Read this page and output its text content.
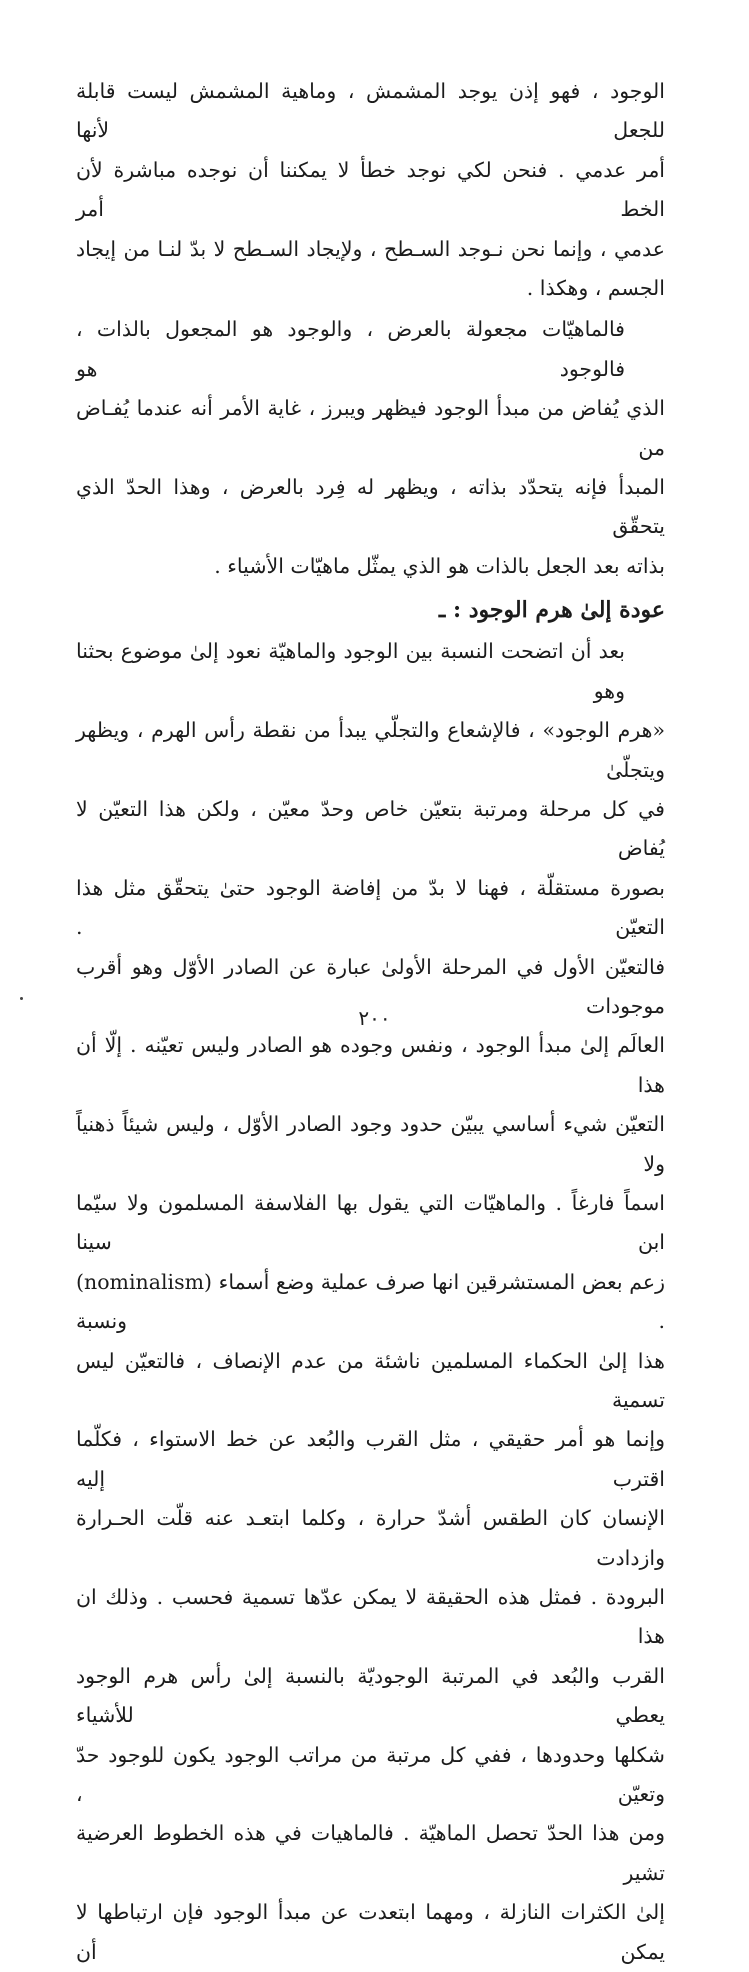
الوجود ، فهو إذن يوجد المشمش ، وماهية المشمش ليست قابلة للجعل لأنها
أمر عدمي . فنحن لكي نوجد خطأ لا يمكننا أن نوجده مباشرة لأن الخط أمر
عدمي ، وإنما نحن نـوجد السـطح ، ولإيجاد السـطح لا بدّ لنـا من إيجاد
الجسم ، وهكذا .

فالماهيّات مجعولة بالعرض ، والوجود هو المجعول بالذات ، فالوجود هو
الذي يُفاض من مبدأ الوجود فيظهر ويبرز ، غاية الأمر أنه عندما يُفـاض من
المبدأ فإنه يتحدّد بذاته ، ويظهر له فِرد بالعرض ، وهذا الحدّ الذي يتحقّق
بذاته بعد الجعل بالذات هو الذي يمثّل ماهيّات الأشياء .

عودة إلىٰ هرم الوجود : ـ

بعد أن اتضحت النسبة بين الوجود والماهيّة نعود إلىٰ موضوع بحثنا وهو
«هرم الوجود» ، فالإشعاع والتجلّي يبدأ من نقطة رأس الهرم ، ويظهر ويتجلّىٰ
في كل مرحلة ومرتبة بتعيّن خاص وحدّ معيّن ، ولكن هذا التعيّن لا يُفاض
بصورة مستقلّة ، فهنا لا بدّ من إفاضة الوجود حتىٰ يتحقّق مثل هذا التعيّن .
فالتعيّن الأول في المرحلة الأولىٰ عبارة عن الصادر الأوّل وهو أقرب موجودات
العالَم إلىٰ مبدأ الوجود ، ونفس وجوده هو الصادر وليس تعيّنه . إلّا أن هذا
التعيّن شيء أساسي يبيّن حدود وجود الصادر الأوّل ، وليس شيئاً ذهنياً ولا
اسماً فارغاً . والماهيّات التي يقول بها الفلاسفة المسلمون ولا سيّما ابن سينا
زعم بعض المستشرقين انها صرف عملية وضع أسماء (nominalism) . ونسبة
هذا إلىٰ الحكماء المسلمين ناشئة من عدم الإنصاف ، فالتعيّن ليس تسمية
وإنما هو أمر حقيقي ، مثل القرب والبُعد عن خط الاستواء ، فكلّما اقترب إليه
الإنسان كان الطقس أشدّ حرارة ، وكلما ابتعـد عنه قلّت الحـرارة وازدادت
البرودة . فمثل هذه الحقيقة لا يمكن عدّها تسمية فحسب . وذلك ان هذا
القرب والبُعد في المرتبة الوجوديّة بالنسبة إلىٰ رأس هرم الوجود يعطي للأشياء
شكلها وحدودها ، ففي كل مرتبة من مراتب الوجود يكون للوجود حدّ وتعيّن ،
ومن هذا الحدّ تحصل الماهيّة . فالماهيات في هذه الخطوط العرضية تشير
إلىٰ الكثرات النازلة ، ومهما ابتعدت عن مبدأ الوجود فإن ارتباطها لا يمكن أن

٢٠٠
